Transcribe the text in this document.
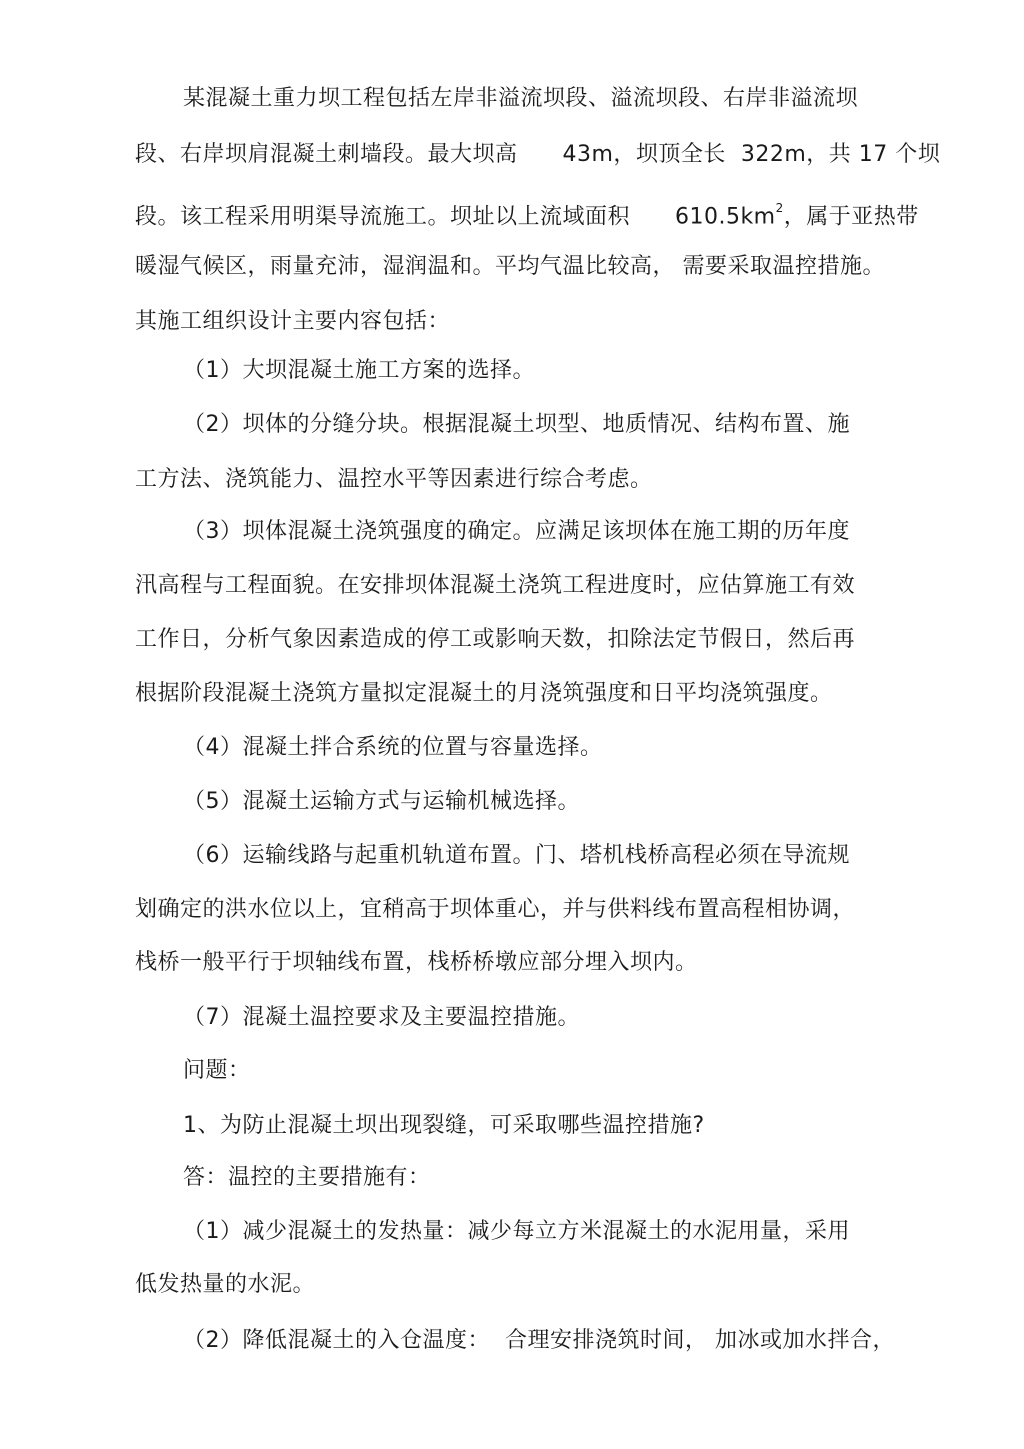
某混凝土重力坝工程包括左岸非溢流坝段、溢流坝段、右岸非溢流坝
段、右岸坝肩混凝土刺墙段。最大坝高      43m，坝顶全长  322m，共 17 个坝
段。该工程采用明渠导流施工。坝址以上流域面积      $610.5km^2$，属于亚热带
暖湿气候区，雨量充沛，湿润温和。平均气温比较高， 需要采取温控措施。
其施工组织设计主要内容包括：
（1）大坝混凝土施工方案的选择。
（2）坝体的分缝分块。根据混凝土坝型、地质情况、结构布置、施
工方法、浇筑能力、温控水平等因素进行综合考虑。
（3）坝体混凝土浇筑强度的确定。应满足该坝体在施工期的历年度
汛高程与工程面貌。在安排坝体混凝土浇筑工程进度时，应估算施工有效
工作日，分析气象因素造成的停工或影响天数，扣除法定节假日，然后再
根据阶段混凝土浇筑方量拟定混凝土的月浇筑强度和日平均浇筑强度。
（4）混凝土拌合系统的位置与容量选择。
（5）混凝土运输方式与运输机械选择。
（6）运输线路与起重机轨道布置。门、塔机栈桥高程必须在导流规
划确定的洪水位以上，宜稍高于坝体重心，并与供料线布置高程相协调，
栈桥一般平行于坝轴线布置，栈桥桥墩应部分埋入坝内。
（7）混凝土温控要求及主要温控措施。
问题：
1、为防止混凝土坝出现裂缝，可采取哪些温控措施?
答：温控的主要措施有：
（1）减少混凝土的发热量：减少每立方米混凝土的水泥用量，采用
低发热量的水泥。
（2）降低混凝土的入仓温度：  合理安排浇筑时间， 加冰或加水拌合，
